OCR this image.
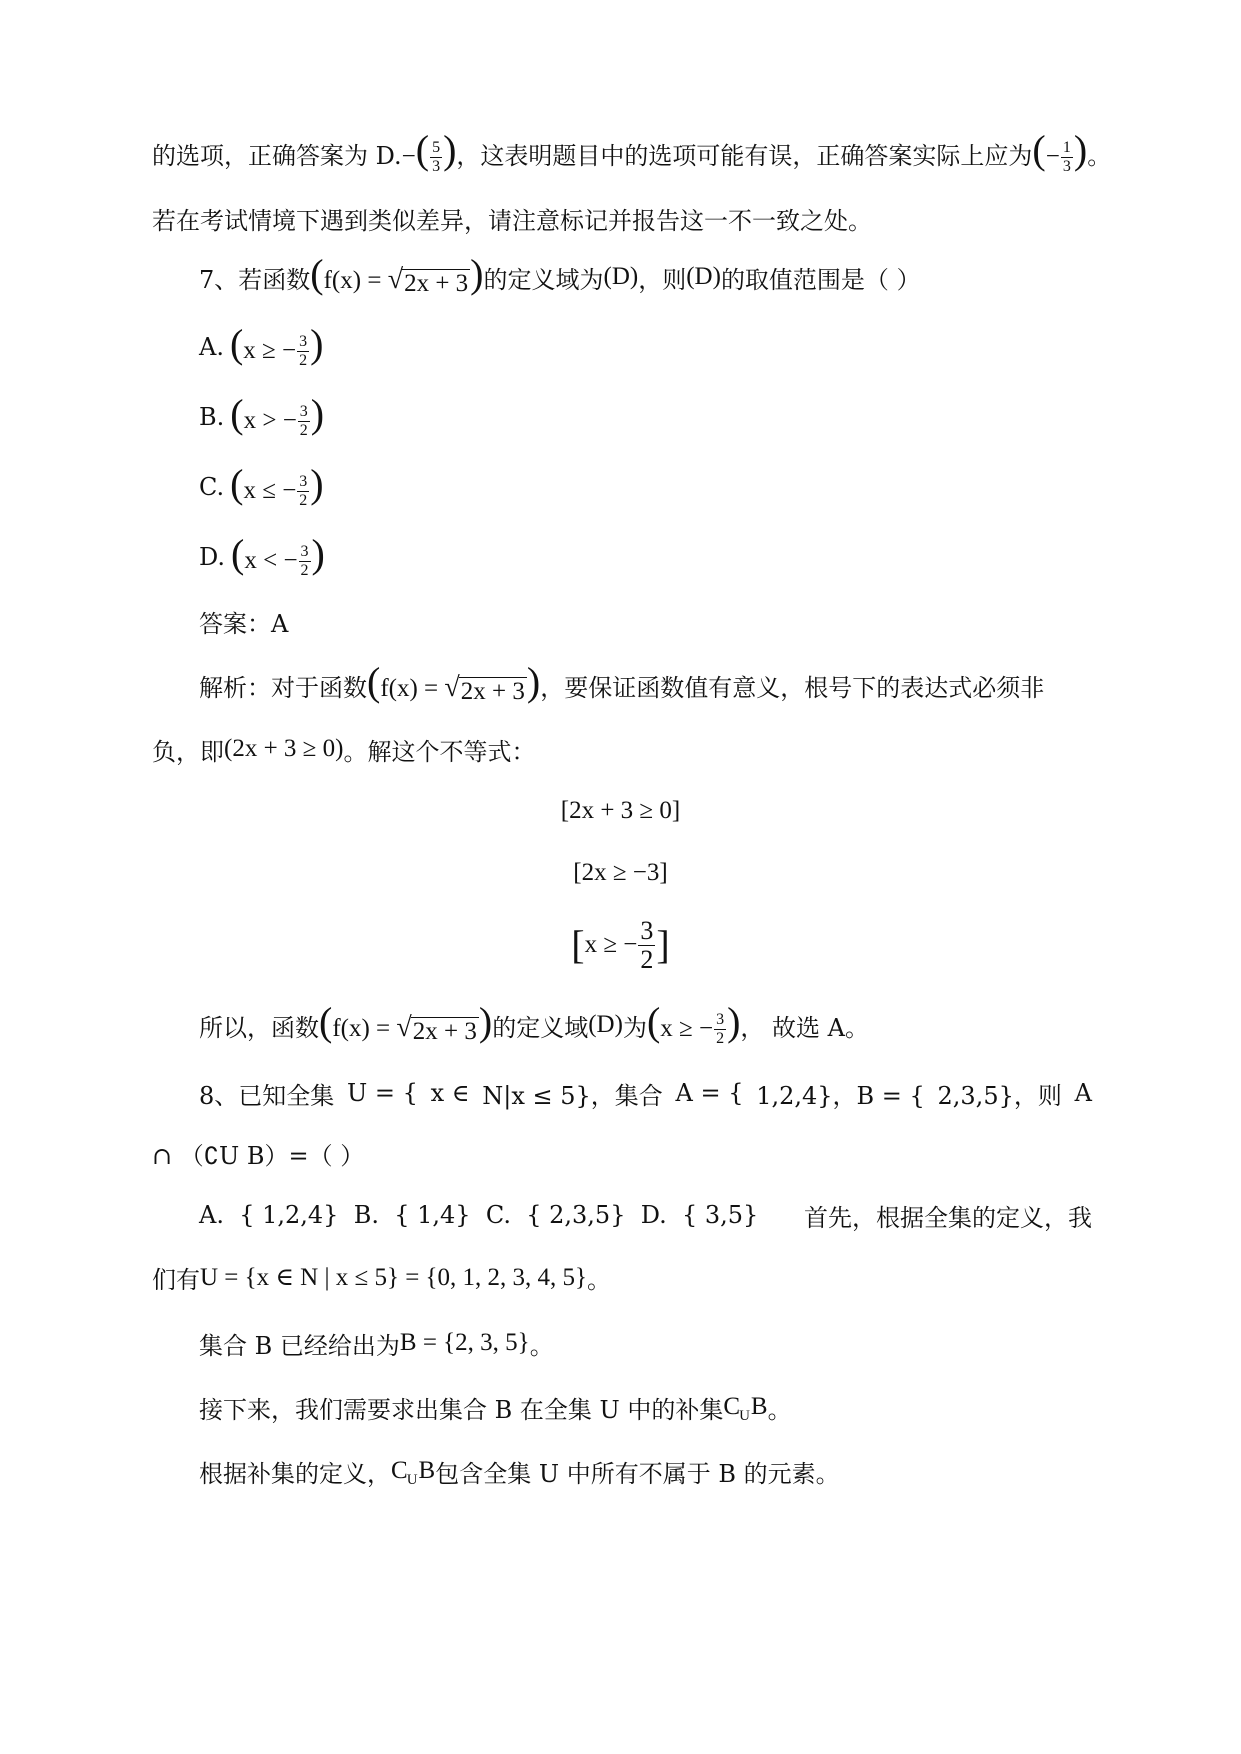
的选项，正确答案为 D. −( $\frac{5}{3}$ ) ，这表明题目中的选项可能有误，正确答案实际上应为 (− $\frac{1}{3}$ ) 。
若在考试情境下遇到类似差异，请注意标记并报告这一不一致之处。
7、若函数 (f(x) = √ 2x + 3 ) 的定义域为 (D) ，则 (D) 的取值范围是（ ）
A. (x ≥ − $\frac{3}{2}$ )
B. (x > − $\frac{3}{2}$ )
C. (x ≤ − $\frac{3}{2}$ )
D. (x < − $\frac{3}{2}$ )
答案：A
解析：对于函数 (f(x) = √ 2x + 3 ) ，要保证函数值有意义，根号下的表达式必须非
负，即 (2x + 3 ≥ 0) 。解这个不等式：
[2x + 3 ≥ 0]
[2x ≥ −3]
[ x ≥ − $\frac{3}{2}$ ]
所以，函数 (f(x) = √ 2x + 3 ) 的定义域 (D) 为 (x ≥ − $\frac{3}{2}$ ) ， 故选 A。
8、已知全集 U = { x ∈ N|x ≤ 5}，集合 A = { 1,2,4}，B = { 2,3,5}，则 A
∩ （∁U B）=（ ）
A.  { 1,2,4}  B.  { 1,4}  C.  { 2,3,5}  D.  { 3,5} 首先，根据全集的定义，我
们有 U = {x ∈ N | x ≤ 5} = {0, 1, 2, 3, 4, 5} 。
集合 B 已经给出为 B = {2, 3, 5} 。
接下来，我们需要求出集合 B 在全集 U 中的补集 $C_UB$ 。
根据补集的定义， $C_UB$ 包含全集 U 中所有不属于 B 的元素。
